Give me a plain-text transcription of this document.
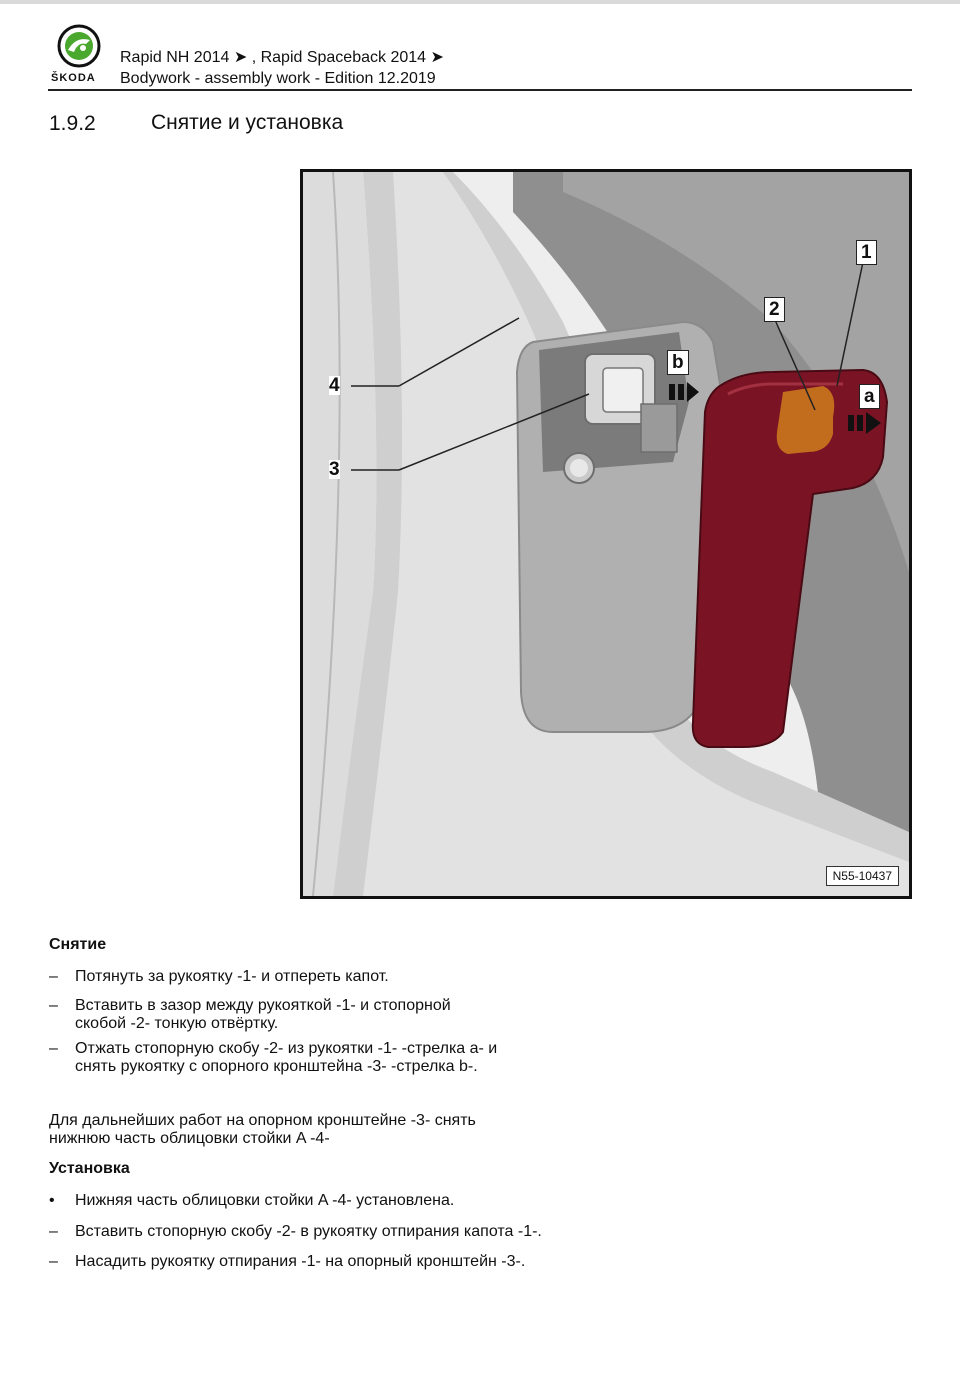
ŠKODA
Rapid NH 2014 ➤ , Rapid Spaceback 2014 ➤
Bodywork - assembly work - Edition 12.2019
1.9.2	Снятие и установка
1
2
3
4
a
b
N55-10437
Снятие
–	Потянуть за рукоятку -1- и отпереть капот.
–	Вставить в зазор между рукояткой -1- и стопорной
скобой -2- тонкую отвёртку.
–	Отжать стопорную скобу -2- из рукоятки -1- -стрелка a- и
снять рукоятку с опорного кронштейна -3- -стрелка b-.
Для дальнейших работ на опорном кронштейне -3- снять
нижнюю часть облицовки стойки A -4-
Установка
•	Нижняя часть облицовки стойки A -4- установлена.
–	Вставить стопорную скобу -2- в рукоятку отпирания капота -1-.
–	Насадить рукоятку отпирания -1- на опорный кронштейн -3-.
